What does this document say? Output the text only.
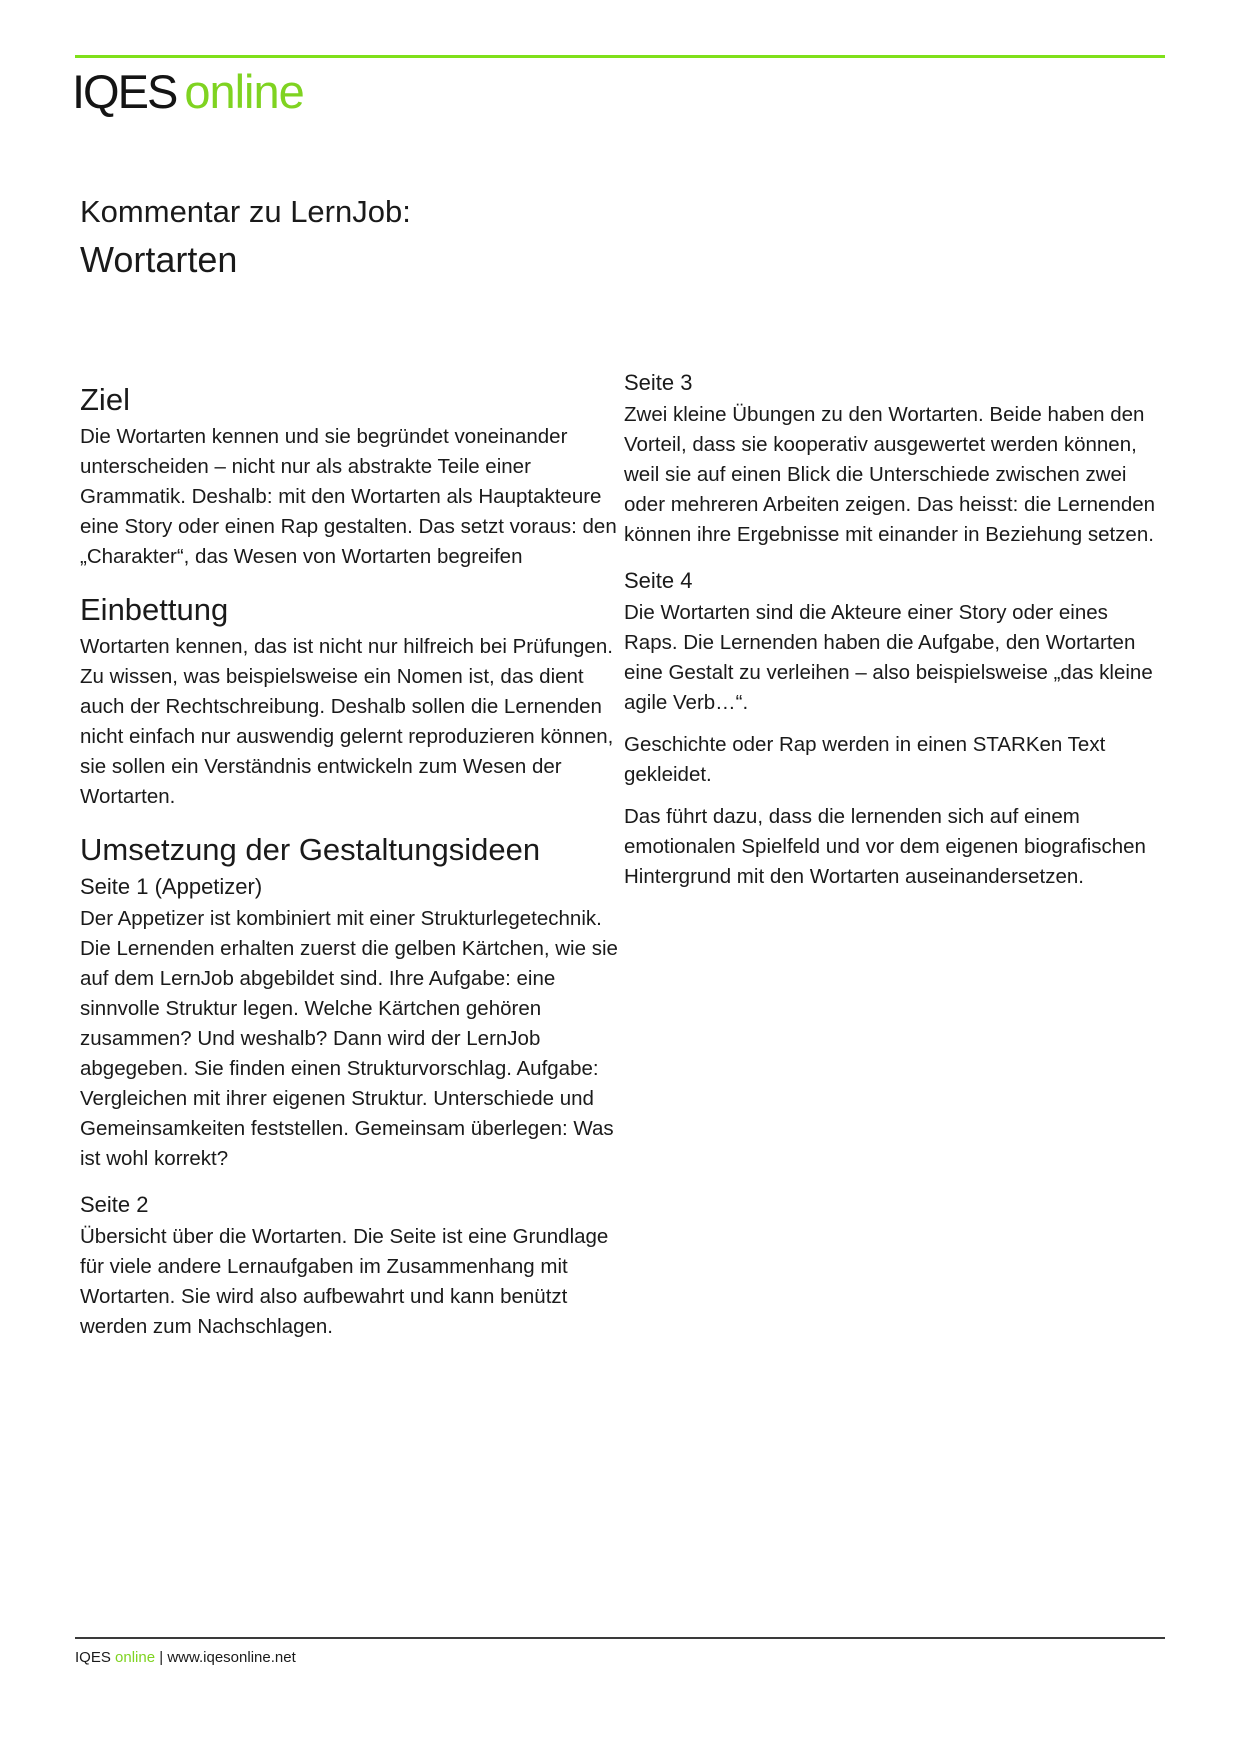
IQES online
Kommentar zu LernJob:
Wortarten
Ziel

Die Wortarten kennen und sie begründet voneinander unterscheiden – nicht nur als abstrakte Teile einer Grammatik. Deshalb: mit den Wortarten als Hauptakteure eine Story oder einen Rap gestalten. Das setzt voraus: den „Charakter“, das Wesen von Wortarten begreifen

Einbettung

Wortarten kennen, das ist nicht nur hilfreich bei Prüfungen. Zu wissen, was beispielsweise ein Nomen ist, das dient auch der Rechtschreibung. Deshalb sollen die Lernenden nicht einfach nur auswendig gelernt reproduzieren können, sie sollen ein Verständnis entwickeln zum Wesen der Wortarten.

Umsetzung der Gestaltungsideen
Seite 1 (Appetizer)

Der Appetizer ist kombiniert mit einer Strukturlegetechnik. Die Lernenden erhalten zuerst die gelben Kärtchen, wie sie auf dem LernJob abgebildet sind. Ihre Aufgabe: eine sinnvolle Struktur legen. Welche Kärtchen gehören zusammen? Und weshalb? Dann wird der LernJob abgegeben. Sie finden einen Strukturvorschlag. Aufgabe: Vergleichen mit ihrer eigenen Struktur. Unterschiede und Gemeinsamkeiten feststellen. Gemeinsam überlegen: Was ist wohl korrekt?

Seite 2

Übersicht über die Wortarten. Die Seite ist eine Grundlage für viele andere Lernaufgaben im Zusammenhang mit Wortarten. Sie wird also aufbewahrt und kann benützt werden zum Nachschlagen.

Seite 3

Zwei kleine Übungen zu den Wortarten. Beide haben den Vorteil, dass sie kooperativ ausgewertet werden können, weil sie auf einen Blick die Unterschiede zwischen zwei oder mehreren Arbeiten zeigen. Das heisst: die Lernenden können ihre Ergebnisse mit einander in Beziehung setzen.

Seite 4

Die Wortarten sind die Akteure einer Story oder eines Raps. Die Lernenden haben die Aufgabe, den Wortarten eine Gestalt zu verleihen – also beispielsweise „das kleine agile Verb…“.

Geschichte oder Rap werden in einen STARKen Text gekleidet.

Das führt dazu, dass die lernenden sich auf einem emotionalen Spielfeld und vor dem eigenen biografischen Hintergrund mit den Wortarten auseinandersetzen.

IQES online | www.iqesonline.net
